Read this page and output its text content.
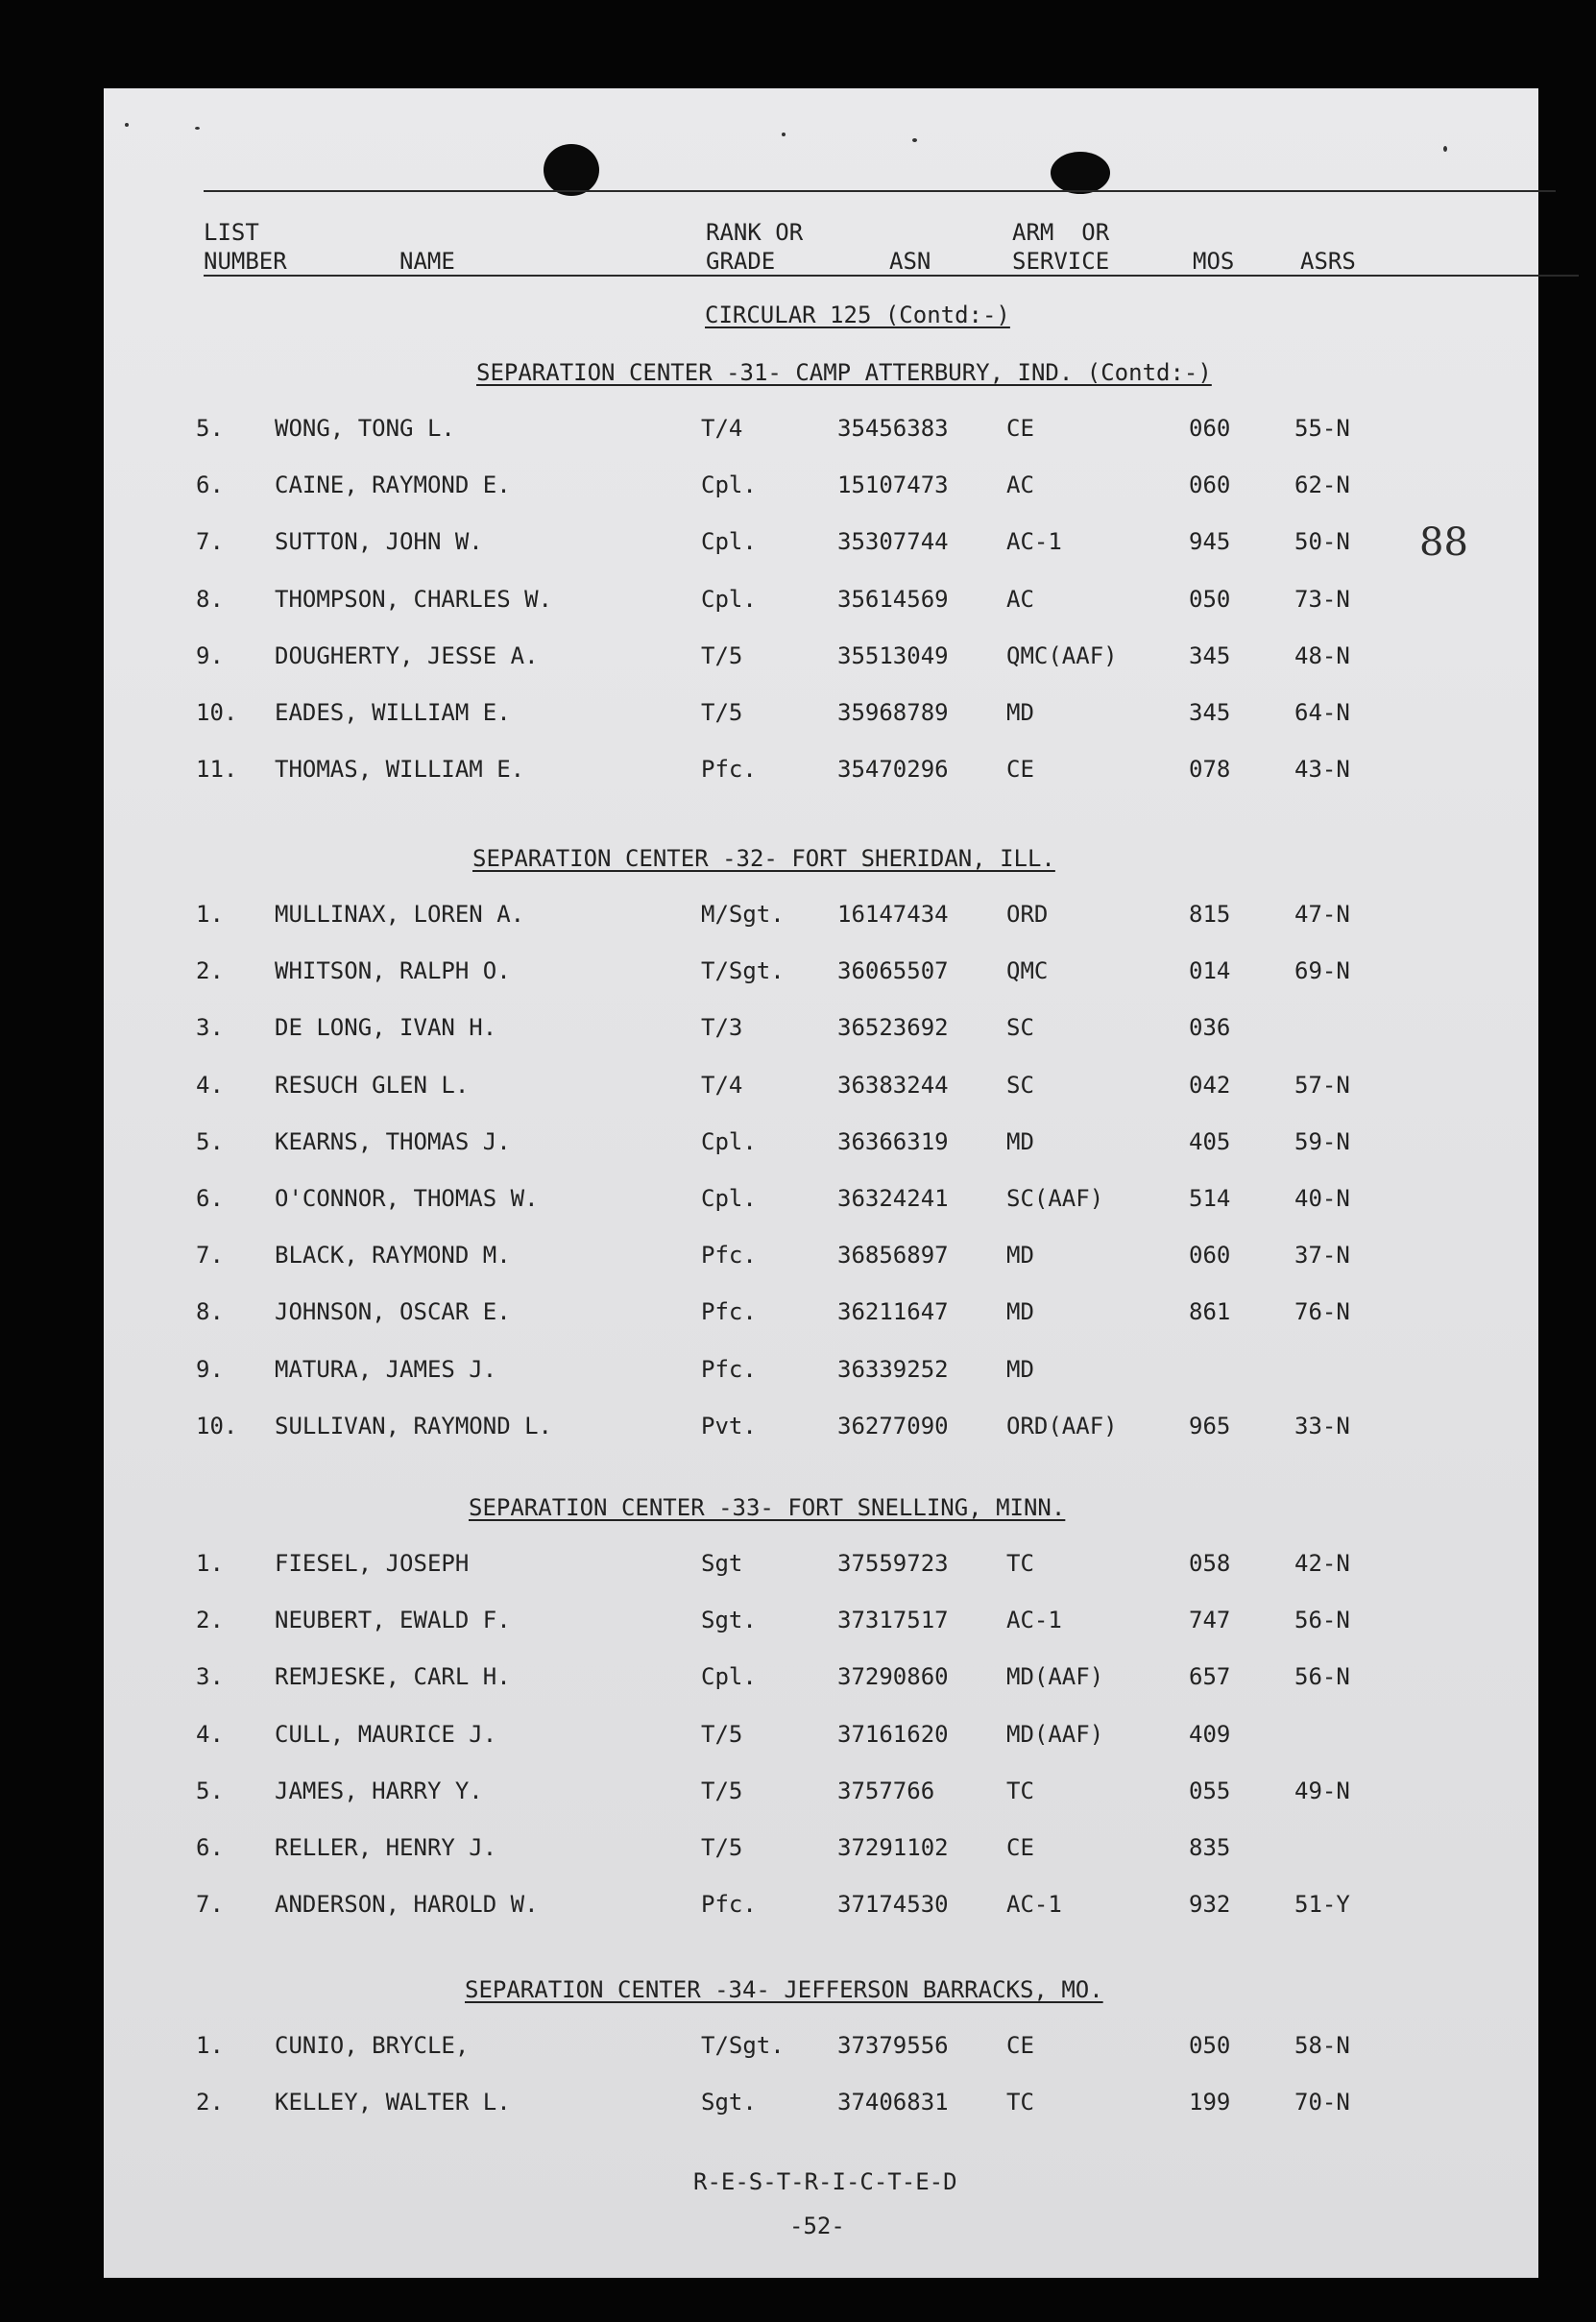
LIST
NUMBER	NAME
RANK OR
GRADE	ASN
ARM  OR
SERVICE	MOS	ASRS
CIRCULAR 125 (Contd:-)
SEPARATION CENTER -31- CAMP ATTERBURY, IND. (Contd:-)
5. WONG, TONG L.	T/4	35456383	CE	060	55-N
6. CAINE, RAYMOND E.	Cpl.	15107473	AC	060	62-N
7. SUTTON, JOHN W.	Cpl.	35307744	AC-1	945	50-N
8. THOMPSON, CHARLES W.	Cpl.	35614569	AC	050	73-N
9. DOUGHERTY, JESSE A.	T/5	35513049	QMC(AAF)	345	48-N
10. EADES, WILLIAM E.	T/5	35968789	MD	345	64-N
11. THOMAS, WILLIAM E.	Pfc.	35470296	CE	078	43-N
SEPARATION CENTER -32- FORT SHERIDAN, ILL.
1. MULLINAX, LOREN A.	M/Sgt. 16147434	ORD	815	47-N
2. WHITSON, RALPH O.	T/Sgt. 36065507	QMC	014	69-N
3. DE LONG, IVAN H.	T/3	36523692	SC	036
4. RESUCH GLEN L.	T/4	36383244	SC	042	57-N
5. KEARNS, THOMAS J.	Cpl.	36366319	MD	405	59-N
6. O'CONNOR, THOMAS W.	Cpl.	36324241	SC(AAF)	514	40-N
7. BLACK, RAYMOND M.	Pfc.	36856897	MD	060	37-N
8. JOHNSON, OSCAR E.	Pfc.	36211647	MD	861	76-N
9. MATURA, JAMES J.	Pfc.	36339252	MD
10. SULLIVAN, RAYMOND L.	Pvt.	36277090	ORD(AAF)	965	33-N
SEPARATION CENTER -33- FORT SNELLING, MINN.
1. FIESEL, JOSEPH	Sgt	37559723	TC	058	42-N
2. NEUBERT, EWALD F.	Sgt.	37317517	AC-1	747	56-N
3. REMJESKE, CARL H.	Cpl.	37290860	MD(AAF)	657	56-N
4. CULL, MAURICE J.	T/5	37161620	MD(AAF)	409
5. JAMES, HARRY Y.	T/5	3757766	TC	055	49-N
6. RELLER, HENRY J.	T/5	37291102	CE	835
7. ANDERSON, HAROLD W.	Pfc.	37174530	AC-1	932	51-Y
SEPARATION CENTER -34- JEFFERSON BARRACKS, MO.
1. CUNIO, BRYCLE,	T/Sgt. 37379556	CE	050	58-N
2. KELLEY, WALTER L.	Sgt.	37406831	TC	199	70-N
88
R-E-S-T-R-I-C-T-E-D
-52-
